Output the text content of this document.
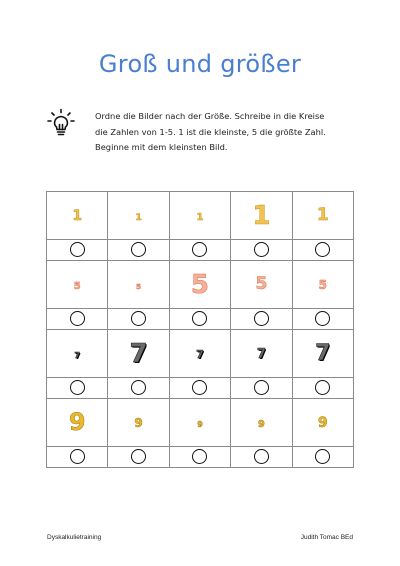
Groß und größer
Ordne die Bilder nach der Größe. Schreibe in die Kreise die Zahlen von 1-5. 1 ist die kleinste, 5 die größte Zahl. Beginne mit dem kleinsten Bild.
1	1	1	1	1

5	5	5	5	5

7	7	7	7	7

9	9	9	9	9

Dyskalkulietraining	Judith Tomac BEd
